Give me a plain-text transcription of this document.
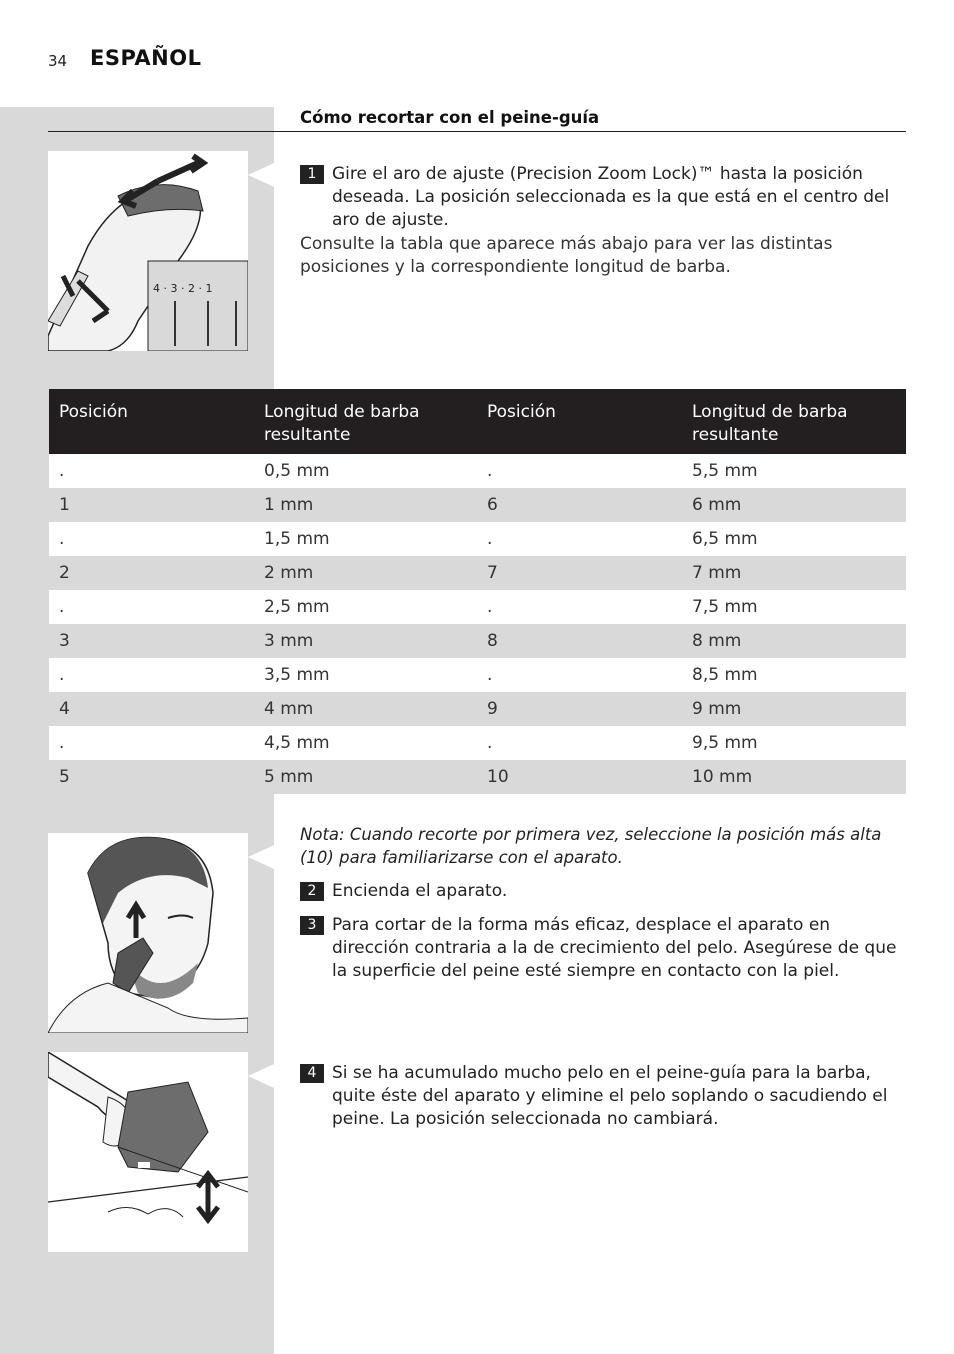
34 ESPAÑOL
Cómo recortar con el peine-guía
4 · 3 · 2 · 1
1 Gire el aro de ajuste (Precision Zoom Lock)™ hasta la posición deseada. La posición seleccionada es la que está en el centro del aro de ajuste.
Consulte la tabla que aparece más abajo para ver las distintas posiciones y la correspondiente longitud de barba.
Posición	Longitud de barba resultante	Posición	Longitud de barba resultante
.	0,5 mm	.	5,5 mm
1	1 mm	6	6 mm
.	1,5 mm	.	6,5 mm
2	2 mm	7	7 mm
.	2,5 mm	.	7,5 mm
3	3 mm	8	8 mm
.	3,5 mm	.	8,5 mm
4	4 mm	9	9 mm
.	4,5 mm	.	9,5 mm
5	5 mm	10	10 mm
Nota: Cuando recorte por primera vez, seleccione la posición más alta (10) para familiarizarse con el aparato.
2 Encienda el aparato.
3 Para cortar de la forma más eficaz, desplace el aparato en dirección contraria a la de crecimiento del pelo. Asegúrese de que la superficie del peine esté siempre en contacto con la piel.
4 Si se ha acumulado mucho pelo en el peine-guía para la barba, quite éste del aparato y elimine el pelo soplando o sacudiendo el peine. La posición seleccionada no cambiará.
